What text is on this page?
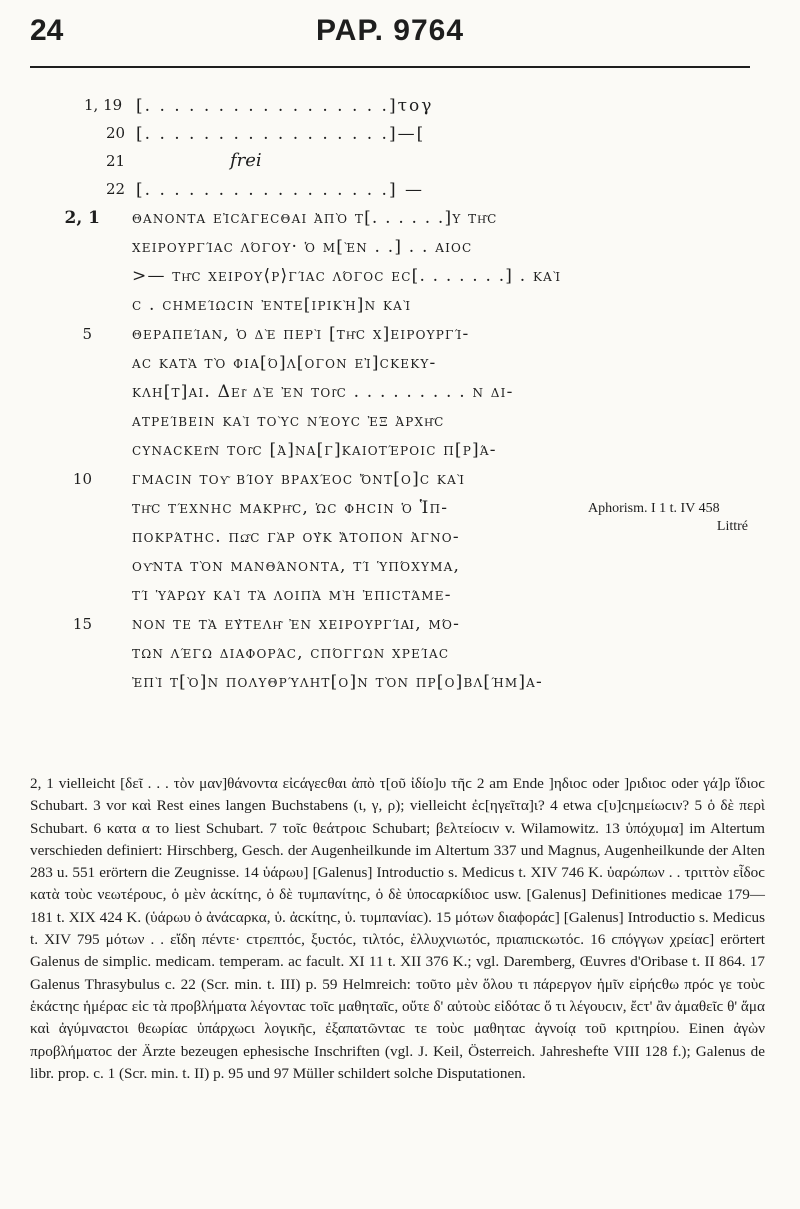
24	PAP. 9764
1, 19 [. . . . . . . . . . . . . . . . .]τογ
20 [. . . . . . . . . . . . . . . . .]—[
21	frei
22 [. . . . . . . . . . . . . . . . .] —
2, 1 θανοντα εἰϲάγεϲθαι ἀπὸ τ[. . . . . .]υ τῆϲ
χειρουργίαϲ λόγου· ὁ μ[ὲν . .] . . αιοϲ
>— τῆϲ χειρου⟨ρ⟩γίαϲ λόγοϲ εϲ[. . . . . . .] . καὶ
c . ϲημείωϲιν ἐντε[ιρικὴ]ν καὶ
θεραπείαν, ὁ δὲ περὶ [τῆϲ χ]ειρουργί-
αϲ κατὰ τὸ ϕια[ό]λ[ογον εἰ]ϲκεκυ-
κλη[τ]αι. Δεῖ δὲ ἐν τοῖϲ . . . . . . . . . ν δι-
ατρείβειν καὶ τοὺϲ νέουϲ ἐξ ἀρχῆϲ
ϲυναϲκεῖν τοῖϲ [ἀ]να[γ]καιοτέροιϲ π[ρ]ά-
γμαϲιν τοῦ βίου βραχέοϲ ὄντ[ο]ϲ καὶ
τῆϲ τέχνηϲ μακρῆϲ, ὡϲ ϕηϲιν ὁ Ἱπ-
ποκράτηϲ. πῶϲ γὰρ οὐκ ἄτοπον ἀγνο-
οῦντα τὸν μανθάνοντα, τί ὑπόχυμα,
τί ὑάρωυ καὶ τὰ λοιπὰ μὴ ἐπιϲτάμε-
νον τε τὰ εὐτελῆ ἐν χειρουργίᾳ, μό-
των λέγω διαϕοράϲ, ϲπόγγων χρείαϲ
ἐπὶ τ[ὸ]ν πολυθρύλητ[ο]ν τὸν πρ[ο]βλ[ήμ]α-
5
10
15
Aphorism. I 1 t. IV 458
Littré
2, 1 vielleicht [δεῖ . . . τὸν μαν]θάνοντα εἰϲάγεϲθαι ἀπὸ τ[οῦ ἰδίο]υ τῆϲ 2 am Ende ]ηδιοϲ oder ]ριδιοϲ oder γά]ρ ἴδιοϲ Schubart. 3 vor καὶ Rest eines langen Buchstabens (ι, γ, ρ); vielleicht ἐϲ[ηγεῖτα]ι? 4 etwa ϲ[υ]ϲημείωϲιν? 5 ὁ δὲ περὶ Schubart. 6 κατα α το liest Schubart. 7 τοῖϲ θεάτροιϲ Schubart; βελτείοϲιν v. Wilamowitz. 13 ὑπόχυμα] im Altertum verschieden definiert: Hirschberg, Gesch. der Augenheilkunde im Altertum 337 und Magnus, Augenheilkunde der Alten 283 u. 551 erörtern die Zeugnisse. 14 ὑάρωυ] [Galenus] Introductio s. Medicus t. XIV 746 K. ὑαρώπων . . τριττὸν εἶδοϲ κατὰ τοὺϲ νεωτέρουϲ, ὁ μὲν ἀϲκίτηϲ, ὁ δὲ τυμπανίτηϲ, ὁ δὲ ὑποϲαρκίδιοϲ usw. [Galenus] Definitiones medicae 179—181 t. XIX 424 K. (ὑάρωυ ὁ ἀνάϲαρκα, ὑ. ἀϲκίτηϲ, ὑ. τυμπανίαϲ). 15 μότων διαϕοράϲ] [Galenus] Introductio s. Medicus t. XIV 795 μότων . . εἴδη πέντε· ϲτρεπτόϲ, ξυϲτόϲ, τιλτόϲ, ἑλλυχνιωτόϲ, πριαπιϲκωτόϲ. 16 ϲπόγγων χρείαϲ] erörtert Galenus de simplic. medicam. temperam. ac facult. XI 11 t. XII 376 K.; vgl. Daremberg, Œuvres d'Oribase t. II 864. 17 Galenus Thrasybulus c. 22 (Scr. min. t. III) p. 59 Helmreich: τοῦτο μὲν ὅλου τι πάρεργον ἡμῖν εἰρήϲθω πρόϲ γε τοὺϲ ἑκάϲτηϲ ἡμέραϲ εἰϲ τὰ προβλήματα λέγονταϲ τοῖϲ μαθηταῖϲ, οὔτε δ' αὐτοὺϲ εἰδόταϲ ὅ τι λέγουϲιν, ἔϲτ' ἂν ἀμαθεῖϲ θ' ἅμα καὶ ἀγύμναϲτοι θεωρίαϲ ὑπάρχωϲι λογικῆϲ, ἐξαπατῶνταϲ τε τοὺϲ μαθηταϲ ἀγνοίᾳ τοῦ κριτηρίου. Einen ἀγὼν προβλήματοϲ der Ärzte bezeugen ephesische Inschriften (vgl. J. Keil, Österreich. Jahreshefte VIII 128 f.); Galenus de libr. prop. c. 1 (Scr. min. t. II) p. 95 und 97 Müller schildert solche Disputationen.
